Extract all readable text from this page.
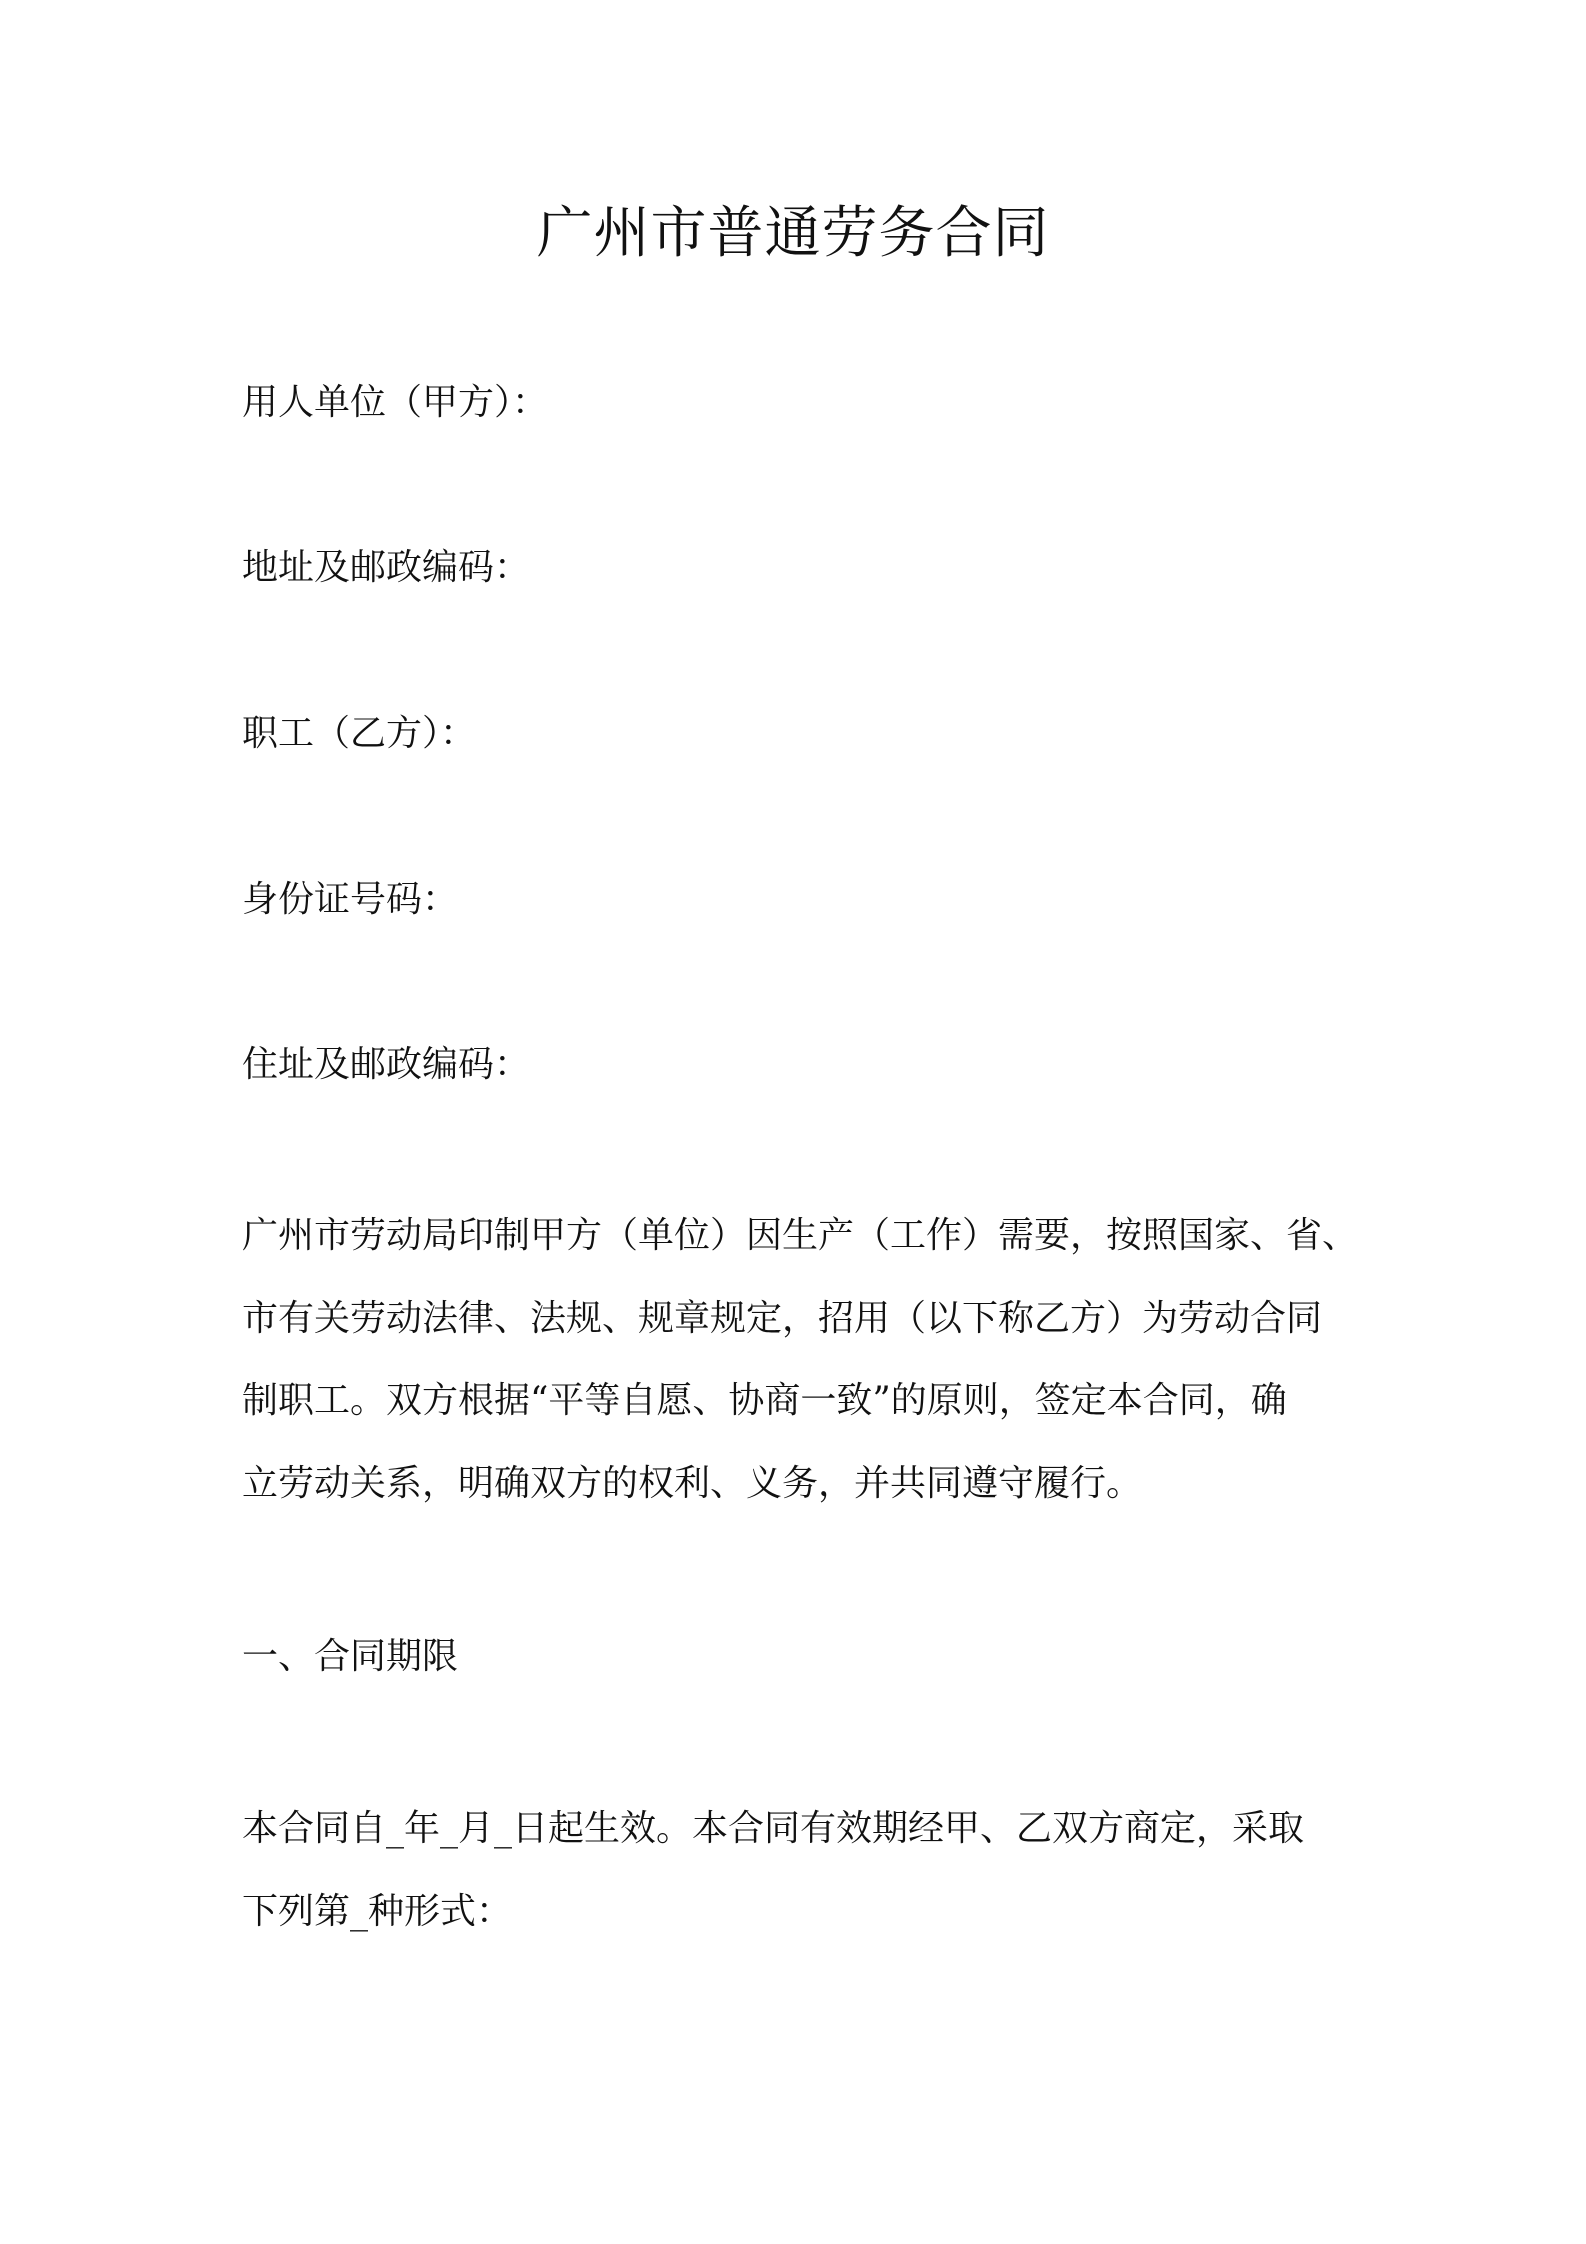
广州市普通劳务合同
用人单位（甲方）：
地址及邮政编码：
职工（乙方）：
身份证号码：
住址及邮政编码：
广州市劳动局印制甲方（单位）因生产（工作）需要，按照国家、省、
市有关劳动法律、法规、规章规定，招用（以下称乙方）为劳动合同
制职工。双方根据“平等自愿、协商一致”的原则，签定本合同，确
立劳动关系，明确双方的权利、义务，并共同遵守履行。
一、合同期限
本合同自_年_月_日起生效。本合同有效期经甲、乙双方商定，采取
下列第_种形式：
